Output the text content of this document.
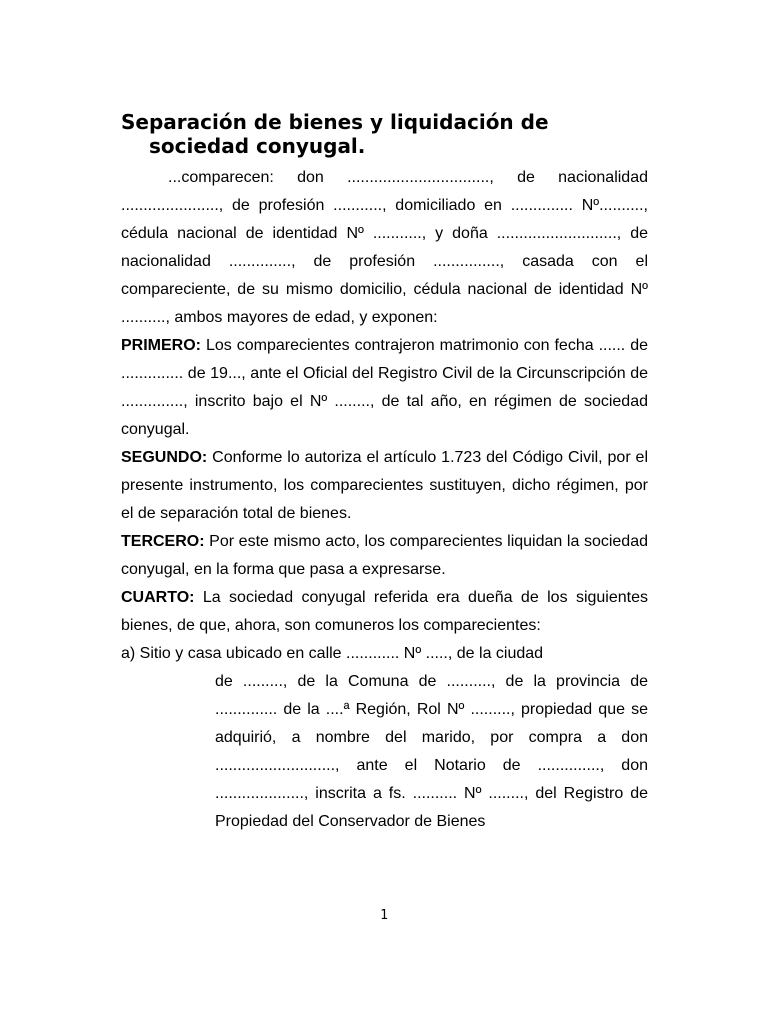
Separación de bienes y liquidación de
sociedad conyugal.

...comparecen: don ................................, de nacionalidad ......................, de profesión ..........., domiciliado en .............. Nº.........., cédula nacional de identidad Nº ..........., y doña ..........................., de nacionalidad .............., de profesión ..............., casada con el compareciente, de su mismo domicilio, cédula nacional de identidad Nº .........., ambos mayores de edad, y exponen:

PRIMERO: Los comparecientes contrajeron matrimonio con fecha ...... de .............. de 19..., ante el Oficial del Registro Civil de la Circunscripción de .............., inscrito bajo el Nº ........, de tal año, en régimen de sociedad conyugal.

SEGUNDO: Conforme lo autoriza el artículo 1.723 del Código Civil, por el presente instrumento, los comparecientes sustituyen, dicho régimen, por el de separación total de bienes.

TERCERO: Por este mismo acto, los comparecientes liquidan la sociedad conyugal, en la forma que pasa a expresarse.

CUARTO: La sociedad conyugal referida era dueña de los siguientes bienes, de que, ahora, son comuneros los comparecientes:

a) Sitio y casa ubicado en calle ............ Nº ....., de la ciudad

de ........., de la Comuna de .........., de la provincia de .............. de la ....ª Región, Rol Nº ........., propiedad que se adquirió, a nombre del marido, por compra a don ..........................., ante el Notario de .............., don ...................., inscrita a fs. .......... Nº ........, del Registro de Propiedad del Conservador de Bienes

1
